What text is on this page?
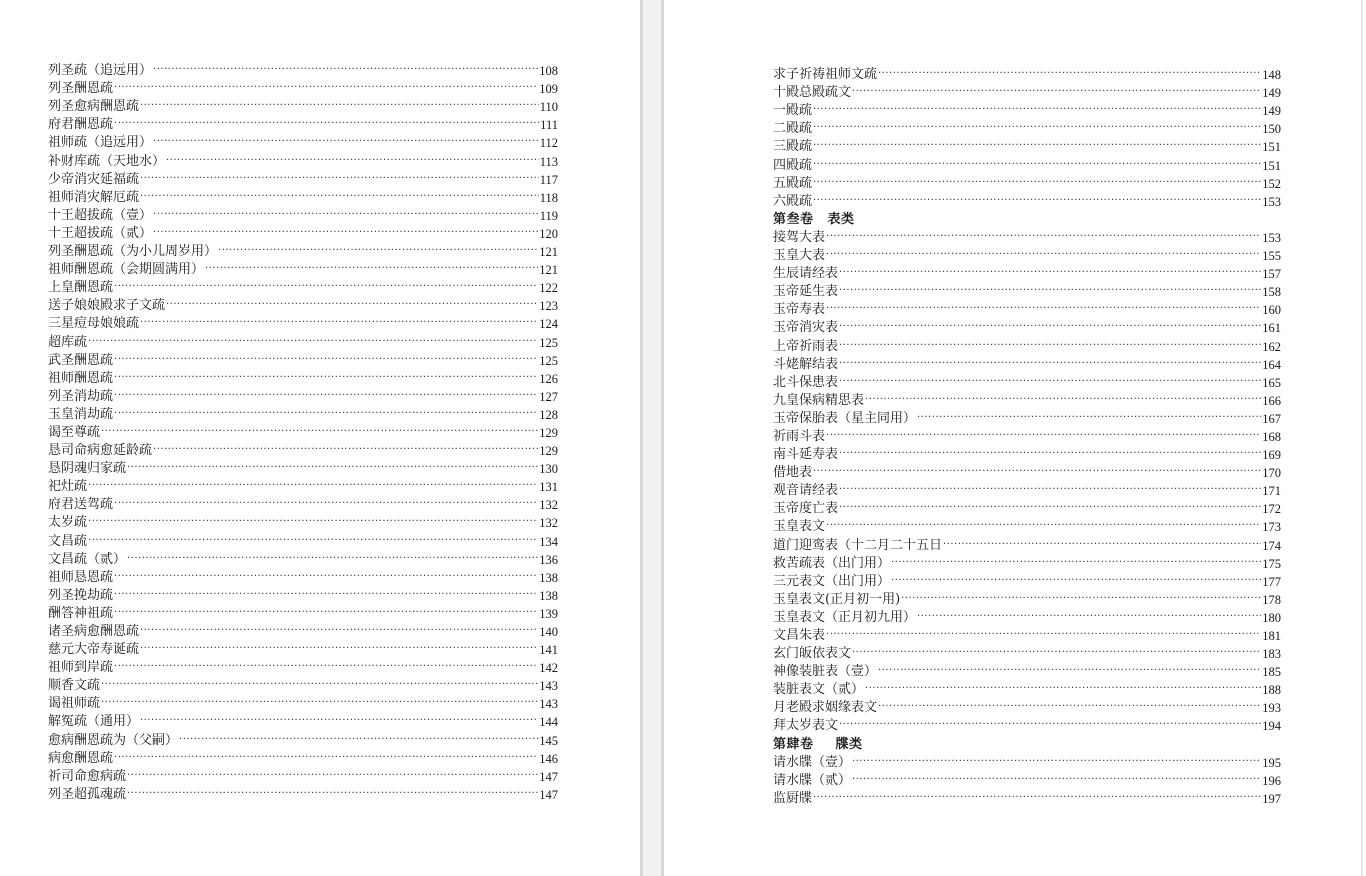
列圣疏（追远用） ·····	108
列圣酬恩疏 ·····	109
列圣愈病酬恩疏 ·····	110
府君酬恩疏 ·····	111
祖师疏（追远用） ·····	112
补财库疏（天地水） ·····	113
少帝消灾延福疏 ·····	117
祖师消灾解厄疏 ·····	118
十王超拔疏（壹） ·····	119
十王超拔疏（贰） ·····	120
列圣酬恩疏（为小儿周岁用） ·····	121
祖师酬恩疏（会期圆满用） ·····	121
上皇酬恩疏 ·····	122
送子娘娘殿求子文疏 ·····	123
三星痘母娘娘疏 ·····	124
超库疏 ·····	125
武圣酬恩疏 ·····	125
祖师酬恩疏 ·····	126
列圣消劫疏 ·····	127
玉皇消劫疏 ·····	128
谒至尊疏 ·····	129
恳司命病愈延龄疏 ·····	129
恳阴魂归家疏 ·····	130
祀灶疏 ·····	131
府君送驾疏 ·····	132
太岁疏 ·····	132
文昌疏 ·····	134
文昌疏（贰） ·····	136
祖师恳恩疏 ·····	138
列圣挽劫疏 ·····	138
酬答神祖疏 ·····	139
诸圣病愈酬恩疏 ·····	140
慈元大帝寿诞疏 ·····	141
祖师到岸疏 ·····	142
顺香文疏 ·····	143
谒祖师疏 ·····	143
解冤疏（通用） ·····	144
愈病酬恩疏为（父嗣） ·····	145
病愈酬恩疏 ·····	146
祈司命愈病疏 ·····	147
列圣超孤魂疏 ·····	147
求子祈祷祖师文疏 ·····	148
十殿总殿疏文 ·····	149
一殿疏 ·····	149
二殿疏 ·····	150
三殿疏 ·····	151
四殿疏 ·····	151
五殿疏 ·····	152
六殿疏 ·····	153
第叁卷 表类
接驾大表 ·····	153
玉皇大表 ·····	155
生辰请经表 ·····	157
玉帝延生表 ·····	158
玉帝寿表 ·····	160
玉帝消灾表 ·····	161
上帝祈雨表 ·····	162
斗姥解结表 ·····	164
北斗保患表 ·····	165
九皇保病精思表 ·····	166
玉帝保胎表（星主同用） ·····	167
祈雨斗表 ·····	168
南斗延寿表 ·····	169
借地表 ·····	170
观音请经表 ·····	171
玉帝度亡表 ·····	172
玉皇表文 ·····	173
道门迎鸾表（十二月二十五日 ·····	174
救苦疏表（出门用） ·····	175
三元表文（出门用） ·····	177
玉皇表文(正月初一用) ·····	178
玉皇表文（正月初九用） ·····	180
文昌朱表 ·····	181
玄门皈依表文 ·····	183
神像装脏表（壹） ·····	185
装脏表文（贰） ·····	188
月老殿求姻缘表文 ·····	193
拜太岁表文 ·····	194
第肆卷 牒类
请水牒（壹） ·····	195
请水牒（贰） ·····	196
监厨牒 ·····	197
